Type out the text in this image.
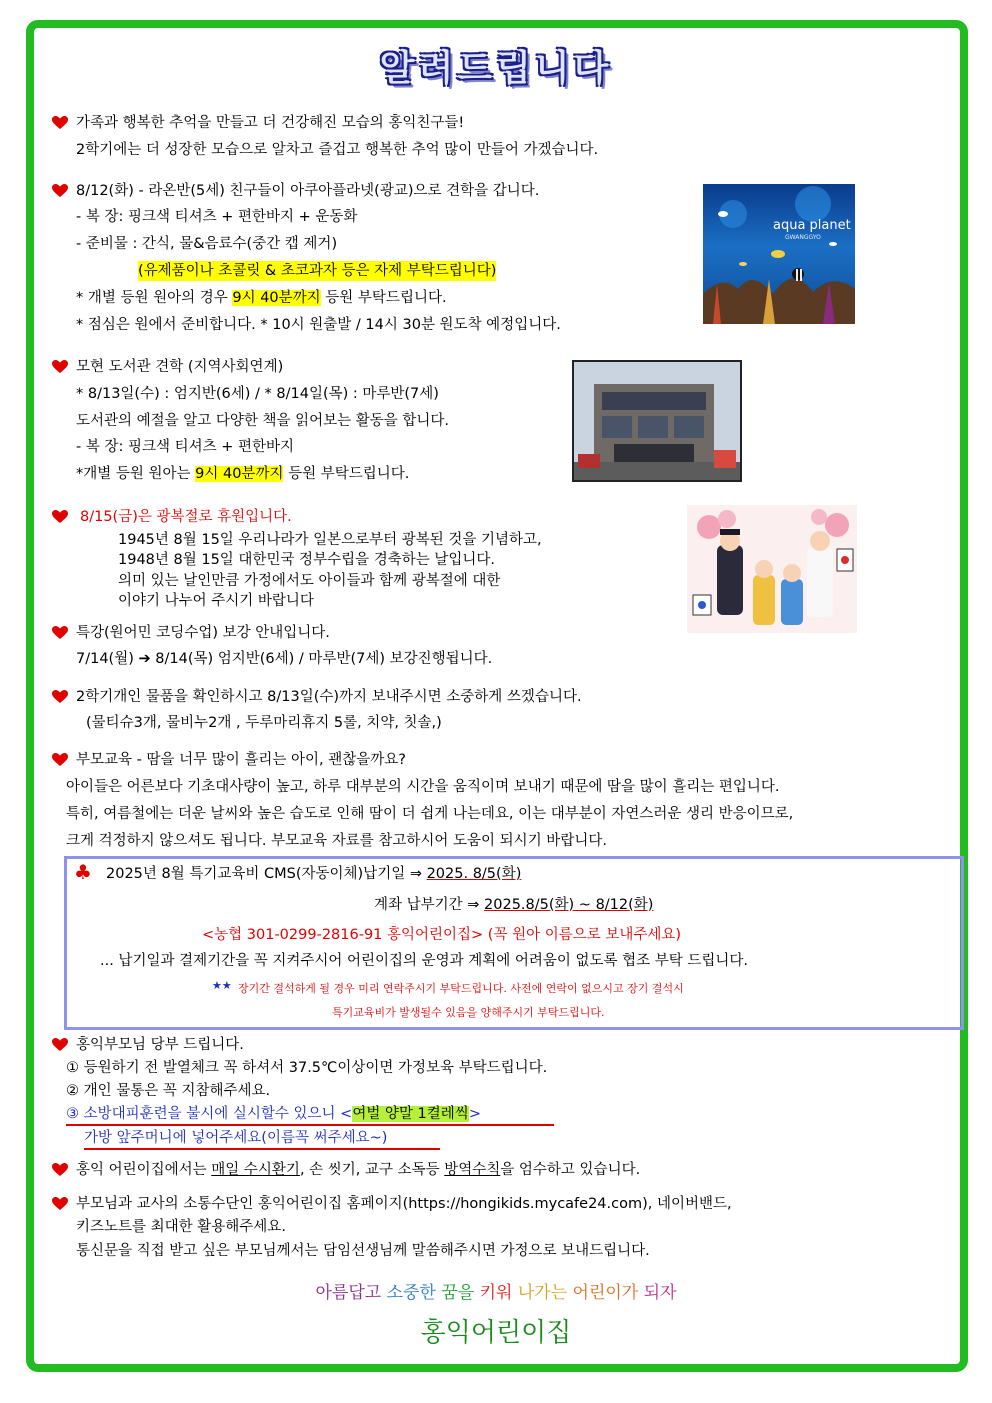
알려드립니다
가족과 행복한 추억을 만들고 더 건강해진 모습의 홍익친구들!
2학기에는 더 성장한 모습으로 알차고 즐겁고 행복한 추억 많이 만들어 가겠습니다.
8/12(화) - 라온반(5세) 친구들이 아쿠아플라넷(광교)으로 견학을 갑니다.
- 복 장: 핑크색 티셔츠 + 편한바지 + 운동화
- 준비물 : 간식, 물&음료수(중간 캡 제거)
(유제품이나 초콜릿 & 초코과자 등은 자제 부탁드립니다)
* 개별 등원 원아의 경우 9시 40분까지 등원 부탁드립니다.
* 점심은 원에서 준비합니다. * 10시 원출발 / 14시 30분 원도착 예정입니다.
aqua planet
GWANGGYO
모현 도서관 견학 (지역사회연계)
* 8/13일(수) : 엄지반(6세) / * 8/14일(목) : 마루반(7세)
도서관의 예절을 알고 다양한 책을 읽어보는 활동을 합니다.
- 복 장: 핑크색 티셔츠 + 편한바지
*개별 등원 원아는 9시 40분까지 등원 부탁드립니다.
8/15(금)은 광복절로 휴원입니다.
1945년 8월 15일 우리나라가 일본으로부터 광복된 것을 기념하고,
1948년 8월 15일 대한민국 정부수립을 경축하는 날입니다.
의미 있는 날인만큼 가정에서도 아이들과 함께 광복절에 대한
이야기 나누어 주시기 바랍니다
특강(원어민 코딩수업) 보강 안내입니다.
7/14(월) ➔ 8/14(목) 엄지반(6세) / 마루반(7세) 보강진행됩니다.
2학기개인 물품을 확인하시고 8/13일(수)까지 보내주시면 소중하게 쓰겠습니다.
(물티슈3개, 물비누2개 , 두루마리휴지 5롤, 치약, 칫솔,)
부모교육 - 땀을 너무 많이 흘리는 아이, 괜찮을까요?
아이들은 어른보다 기초대사량이 높고, 하루 대부분의 시간을 움직이며 보내기 때문에 땀을 많이 흘리는 편입니다.
특히, 여름철에는 더운 날씨와 높은 습도로 인해 땀이 더 쉽게 나는데요, 이는 대부분이 자연스러운 생리 반응이므로,
크게 걱정하지 않으셔도 됩니다. 부모교육 자료를 참고하시어 도움이 되시기 바랍니다.
♣ 2025년 8월 특기교육비 CMS(자동이체)납기일 ⇒ 2025. 8/5(화)
계좌 납부기간 ⇒ 2025.8/5(화) ~ 8/12(화)
<농협 301-0299-2816-91 홍익어린이집> (꼭 원아 이름으로 보내주세요)
... 납기일과 결제기간을 꼭 지켜주시어 어린이집의 운영과 계획에 어려움이 없도록 협조 부탁 드립니다.
★★ 장기간 결석하게 될 경우 미리 연락주시기 부탁드립니다. 사전에 연락이 없으시고 장기 결석시
특기교육비가 발생될수 있음을 양해주시기 부탁드립니다.
홍익부모님 당부 드립니다.
① 등원하기 전 발열체크 꼭 하셔서 37.5℃이상이면 가정보육 부탁드립니다.
② 개인 물통은 꼭 지참해주세요.
③ 소방대피훈련을 불시에 실시할수 있으니 <여벌 양말 1켤레씩>
가방 앞주머니에 넣어주세요(이름꼭 써주세요~)
홍익 어린이집에서는 매일 수시환기, 손 씻기, 교구 소독등 방역수칙을 엄수하고 있습니다.
부모님과 교사의 소통수단인 홍익어린이집 홈페이지(https://hongikids.mycafe24.com), 네이버밴드,
키즈노트를 최대한 활용해주세요.
통신문을 직접 받고 싶은 부모님께서는 담임선생님께 말씀해주시면 가정으로 보내드립니다.
아름답고 소중한 꿈을 키워 나가는 어린이가 되자
홍익어린이집
